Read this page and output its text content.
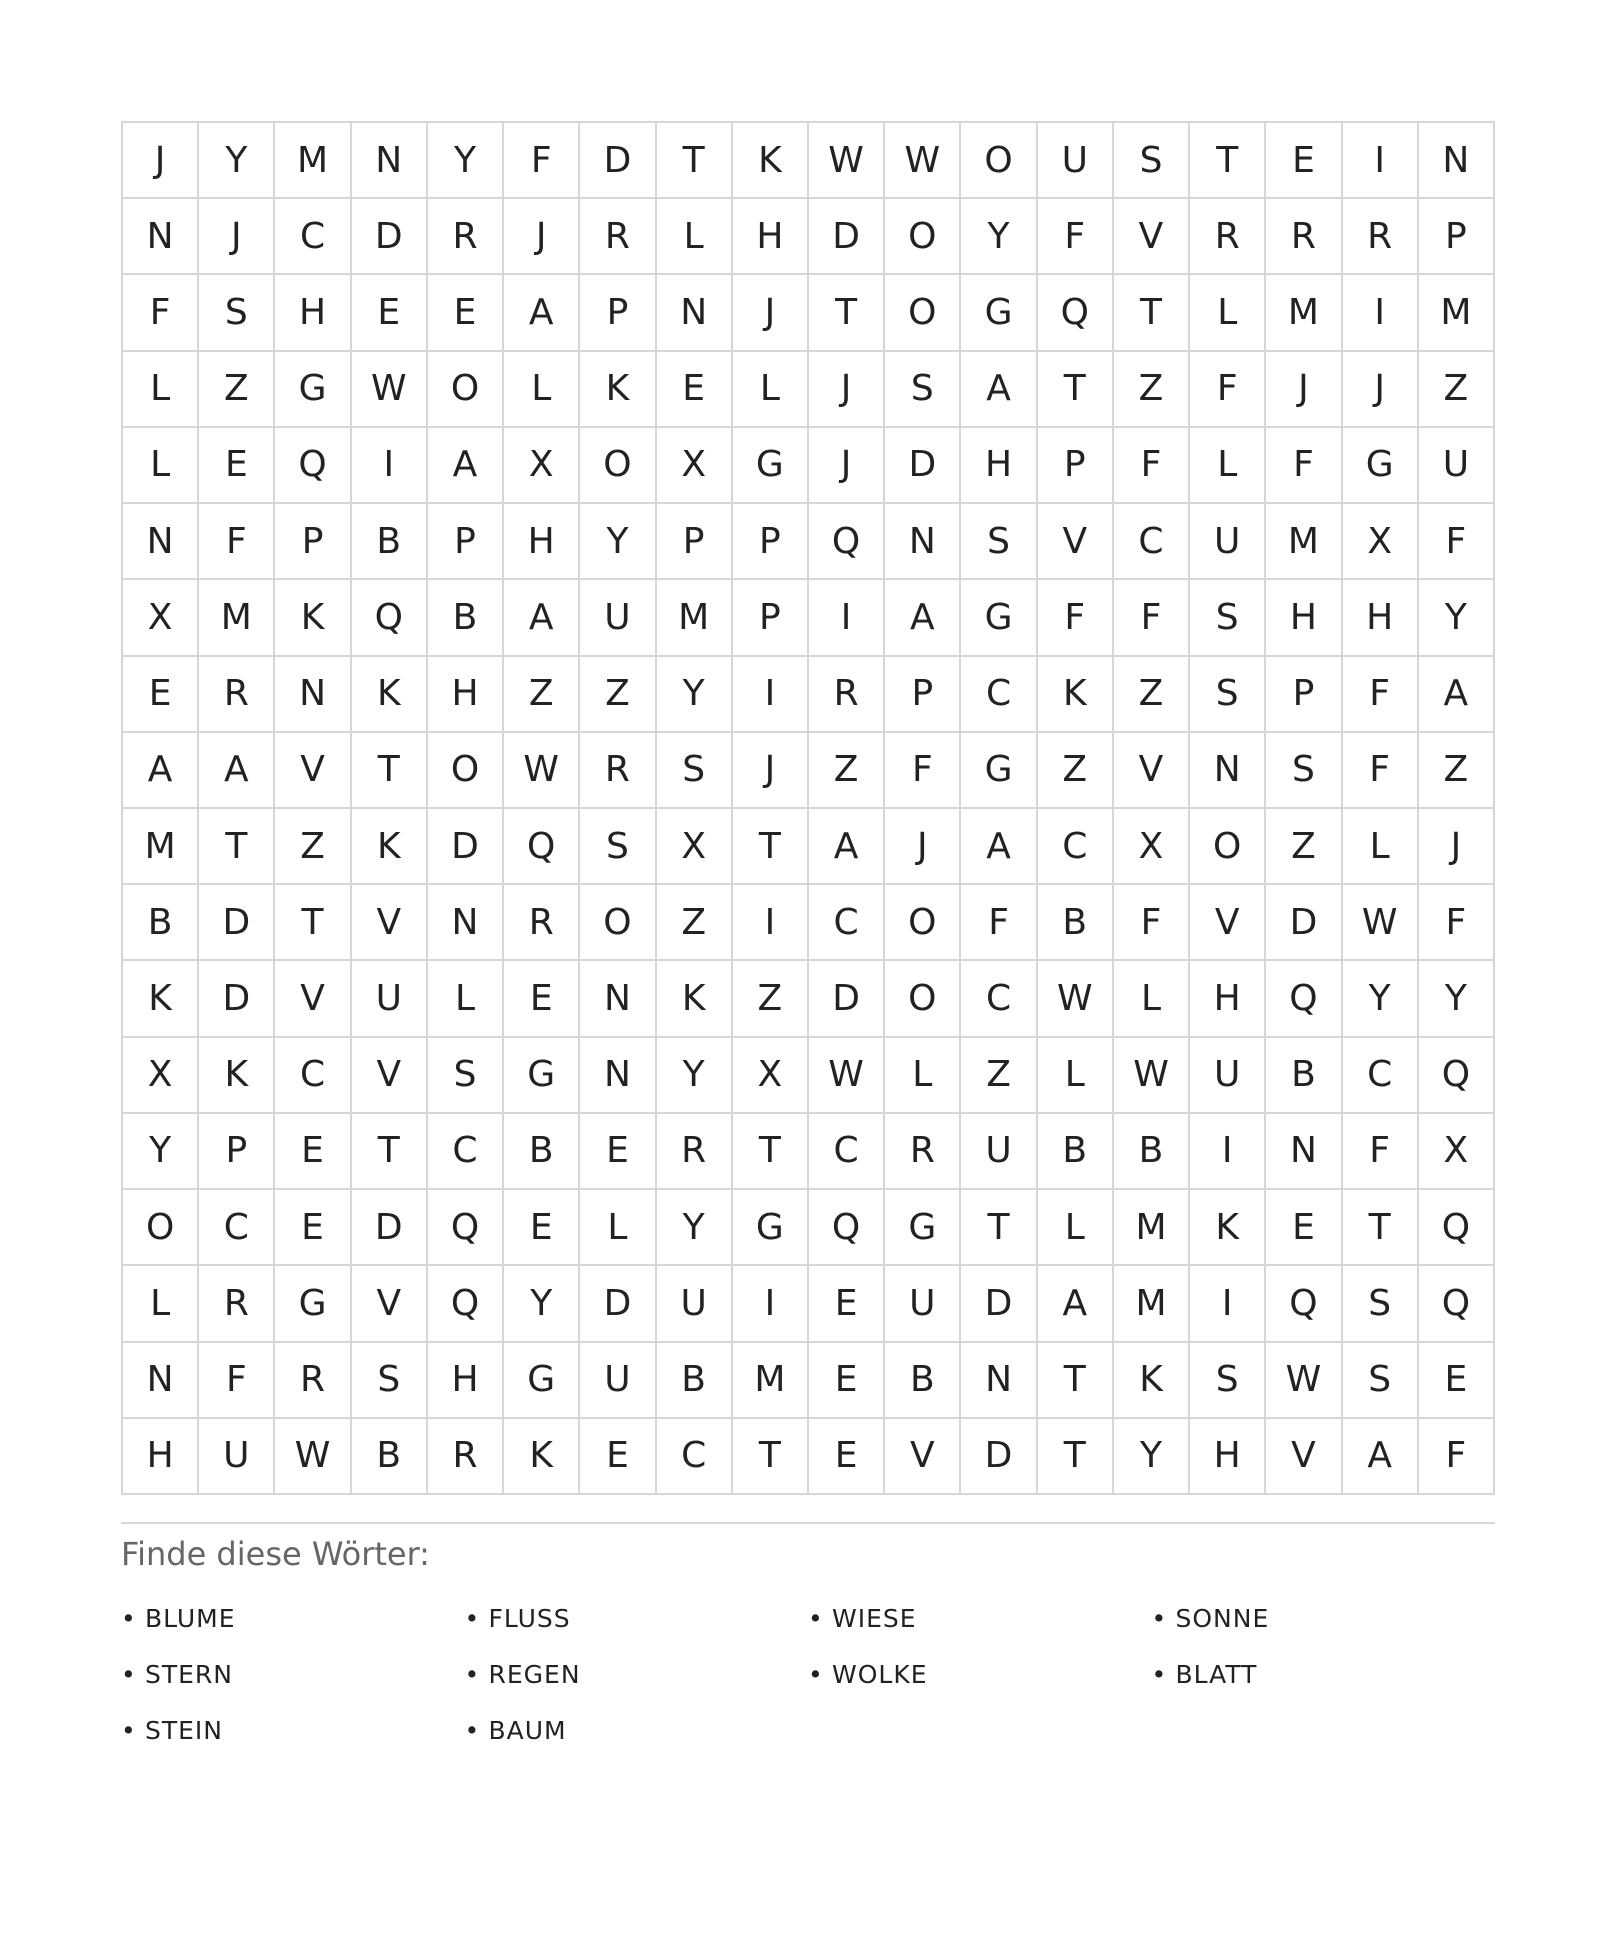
J	Y	M	N	Y	F	D	T	K	W	W	O	U	S	T	E	I	N
N	J	C	D	R	J	R	L	H	D	O	Y	F	V	R	R	R	P
F	S	H	E	E	A	P	N	J	T	O	G	Q	T	L	M	I	M
L	Z	G	W	O	L	K	E	L	J	S	A	T	Z	F	J	J	Z
L	E	Q	I	A	X	O	X	G	J	D	H	P	F	L	F	G	U
N	F	P	B	P	H	Y	P	P	Q	N	S	V	C	U	M	X	F
X	M	K	Q	B	A	U	M	P	I	A	G	F	F	S	H	H	Y
E	R	N	K	H	Z	Z	Y	I	R	P	C	K	Z	S	P	F	A
A	A	V	T	O	W	R	S	J	Z	F	G	Z	V	N	S	F	Z
M	T	Z	K	D	Q	S	X	T	A	J	A	C	X	O	Z	L	J
B	D	T	V	N	R	O	Z	I	C	O	F	B	F	V	D	W	F
K	D	V	U	L	E	N	K	Z	D	O	C	W	L	H	Q	Y	Y
X	K	C	V	S	G	N	Y	X	W	L	Z	L	W	U	B	C	Q
Y	P	E	T	C	B	E	R	T	C	R	U	B	B	I	N	F	X
O	C	E	D	Q	E	L	Y	G	Q	G	T	L	M	K	E	T	Q
L	R	G	V	Q	Y	D	U	I	E	U	D	A	M	I	Q	S	Q
N	F	R	S	H	G	U	B	M	E	B	N	T	K	S	W	S	E
H	U	W	B	R	K	E	C	T	E	V	D	T	Y	H	V	A	F
Finde diese Wörter:
• BLUME	• FLUSS	• WIESE	• SONNE
• STERN	• REGEN	• WOLKE	• BLATT
• STEIN	• BAUM
